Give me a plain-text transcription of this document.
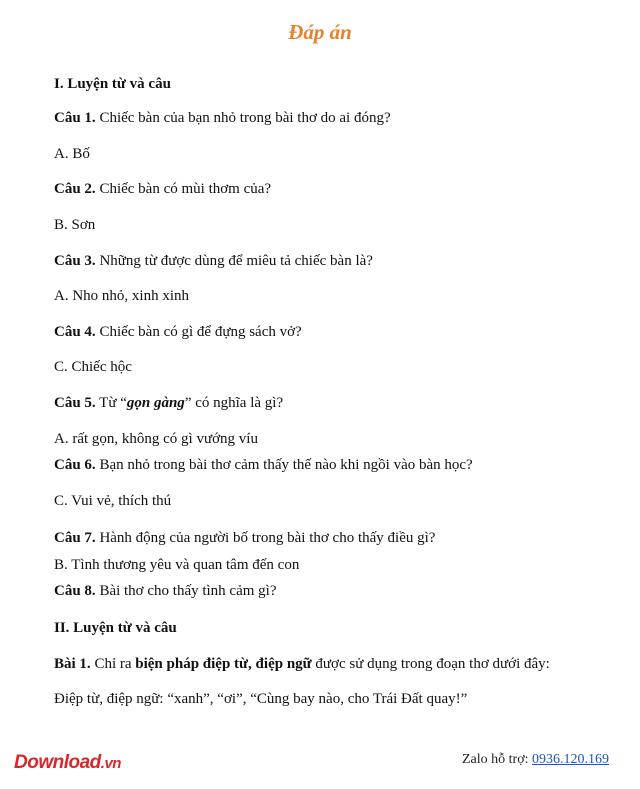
Đáp án
I. Luyện từ và câu
Câu 1. Chiếc bàn của bạn nhỏ trong bài thơ do ai đóng?
A. Bố
Câu 2. Chiếc bàn có mùi thơm của?
B. Sơn
Câu 3. Những từ được dùng để miêu tả chiếc bàn là?
A. Nho nhỏ, xinh xinh
Câu 4. Chiếc bàn có gì để đựng sách vở?
C. Chiếc hộc
Câu 5. Từ “gọn gàng” có nghĩa là gì?
A. rất gọn, không có gì vướng víu
Câu 6. Bạn nhỏ trong bài thơ cảm thấy thế nào khi ngồi vào bàn học?
C. Vui vẻ, thích thú
Câu 7. Hành động của người bố trong bài thơ cho thấy điều gì?
B. Tình thương yêu và quan tâm đến con
Câu 8. Bài thơ cho thấy tình cảm gì?
II. Luyện từ và câu
Bài 1. Chỉ ra biện pháp điệp từ, điệp ngữ được sử dụng trong đoạn thơ dưới đây:
Điệp từ, điệp ngữ: “xanh”, “ơi”, “Cùng bay nào, cho Trái Đất quay!”
Download.vn	Zalo hỗ trợ: 0936.120.169
